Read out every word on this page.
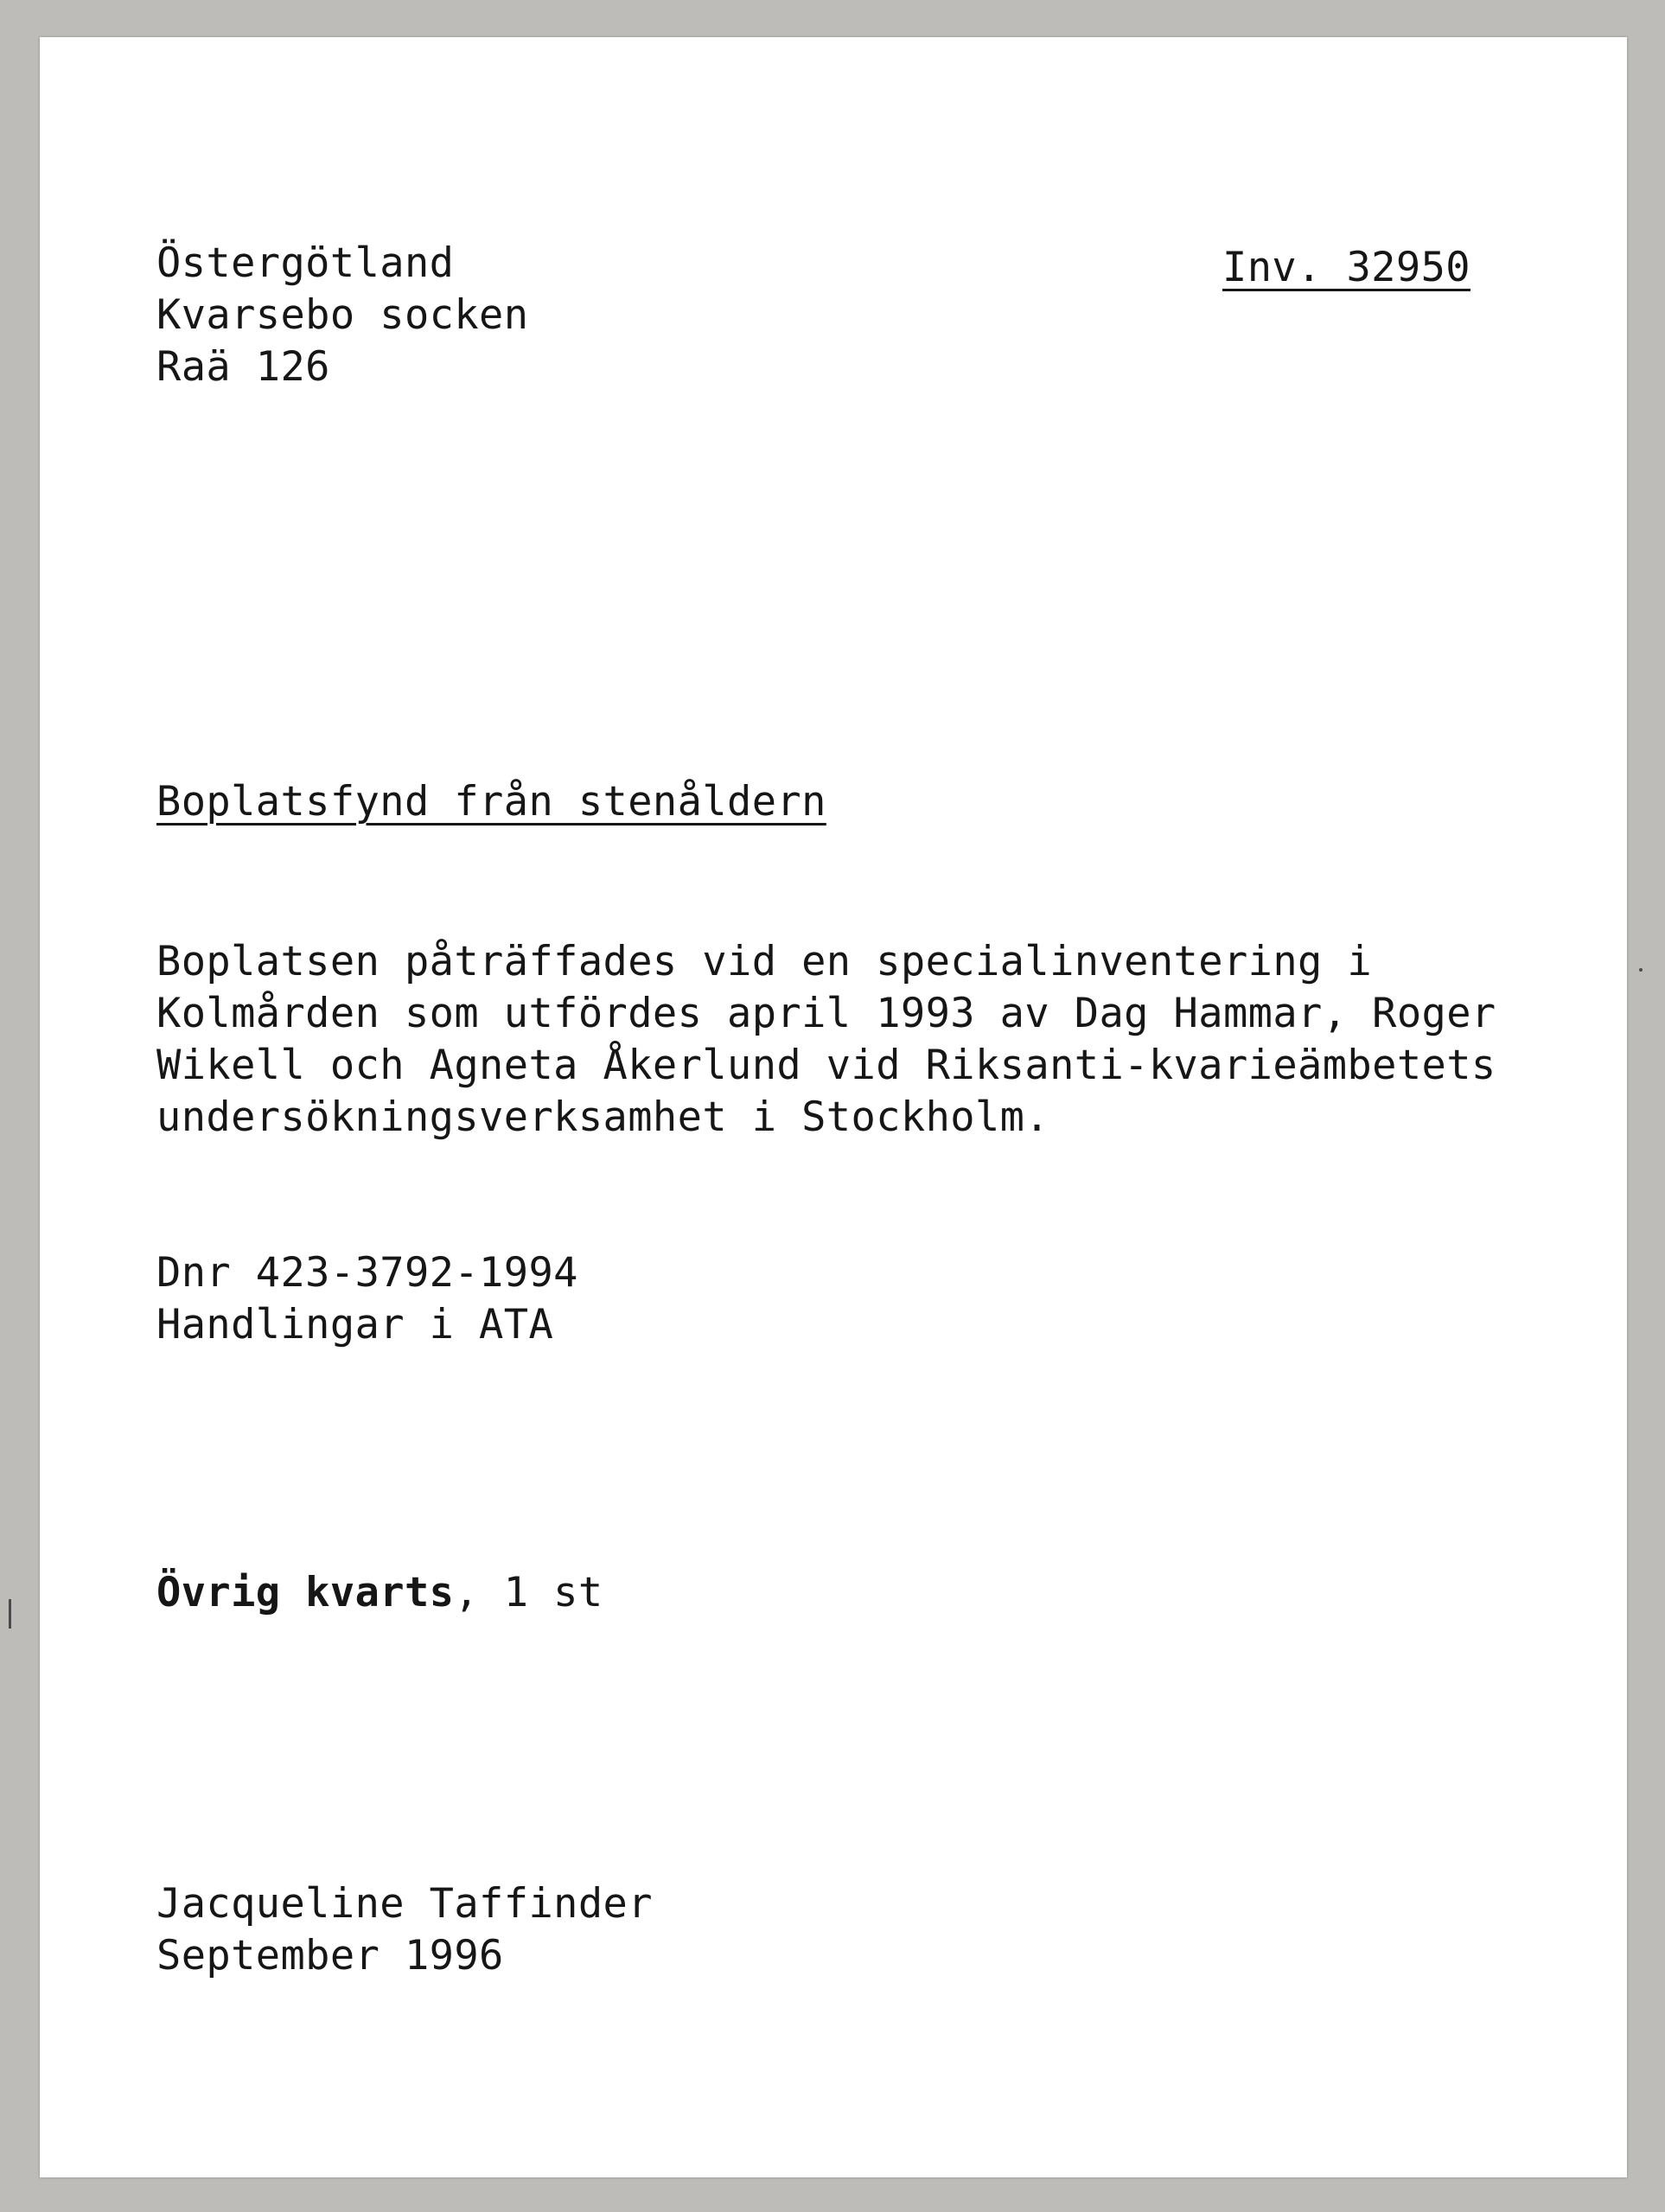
Östergötland
Kvarsebo socken
Raä 126
Inv. 32950
Boplatsfynd från stenåldern
Boplatsen påträffades vid en specialinventering i
Kolmården som utfördes april 1993 av Dag Hammar, Roger
Wikell och Agneta Åkerlund vid Riksanti-kvarieämbetets
undersökningsverksamhet i Stockholm.
Dnr 423-3792-1994
Handlingar i ATA
Övrig kvarts, 1 st
Jacqueline Taffinder
September 1996
